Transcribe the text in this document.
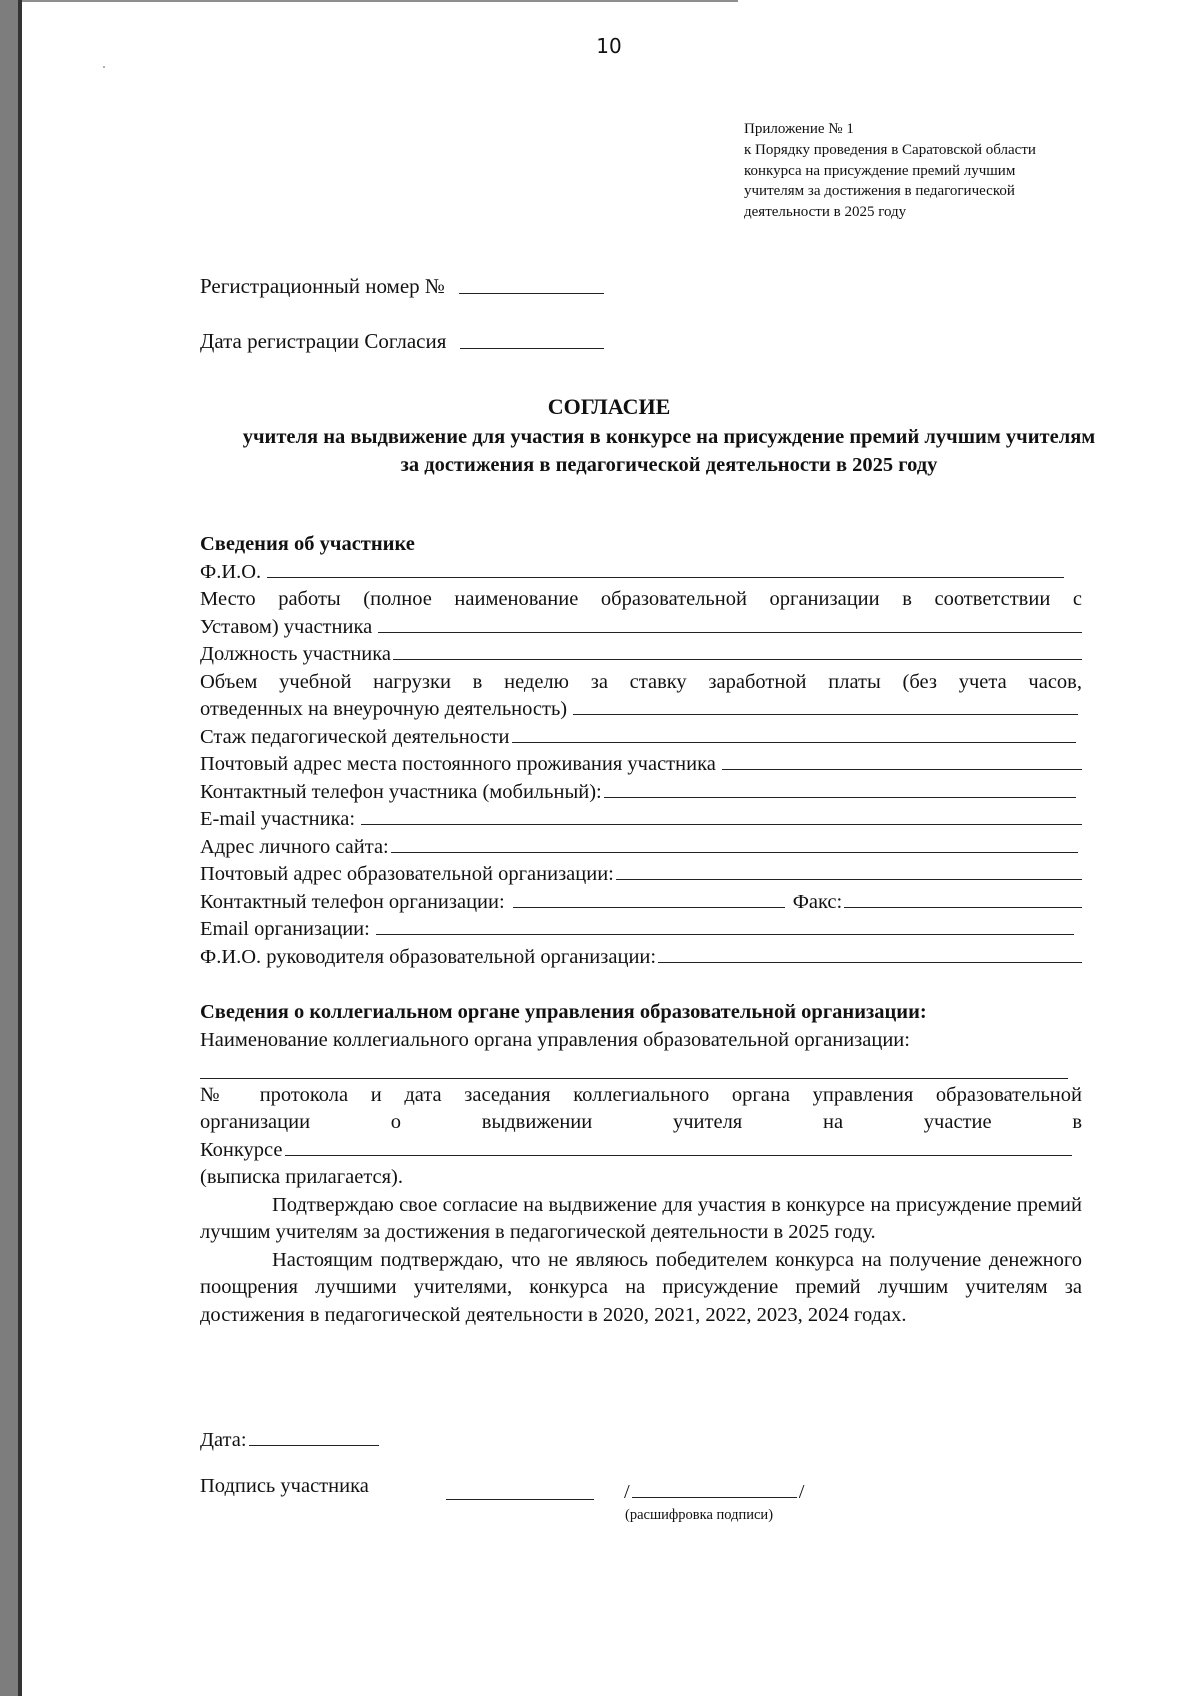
10
Приложение № 1
к Порядку проведения в Саратовской области
конкурса на присуждение премий лучшим
учителям за достижения в педагогической
деятельности в 2025 году
Регистрационный номер №
Дата регистрации Согласия
СОГЛАСИЕ
учителя на выдвижение для участия в конкурсе на присуждение премий лучшим учителям за достижения в педагогической деятельности в 2025 году
Сведения об участнике
Ф.И.О.
Место работы (полное наименование образовательной организации в соответствии с
Уставом) участника
Должность участника
Объем учебной нагрузки в неделю за ставку заработной платы (без учета часов,
отведенных на внеурочную деятельность)
Стаж педагогической деятельности
Почтовый адрес места постоянного проживания участника
Контактный телефон участника (мобильный):
E-mail участника:
Адрес личного сайта:
Почтовый адрес образовательной организации:
Контактный телефон организации:	Факс:
Email организации:
Ф.И.О. руководителя образовательной организации:
Сведения о коллегиальном органе управления образовательной организации:
Наименование коллегиального органа управления образовательной организации:
№ протокола и дата заседания коллегиального органа управления образовательной
организации о выдвижении учителя на участие в
Конкурсе
(выписка прилагается).
Подтверждаю свое согласие на выдвижение для участия в конкурсе на присуждение премий лучшим учителям за достижения в педагогической деятельности в 2025 году.
Настоящим подтверждаю, что не являюсь победителем конкурса на получение денежного поощрения лучшими учителями, конкурса на присуждение премий лучшим учителям за достижения в педагогической деятельности в 2020, 2021, 2022, 2023, 2024 годах.
Дата:
Подпись участника	/	/
(расшифровка подписи)
